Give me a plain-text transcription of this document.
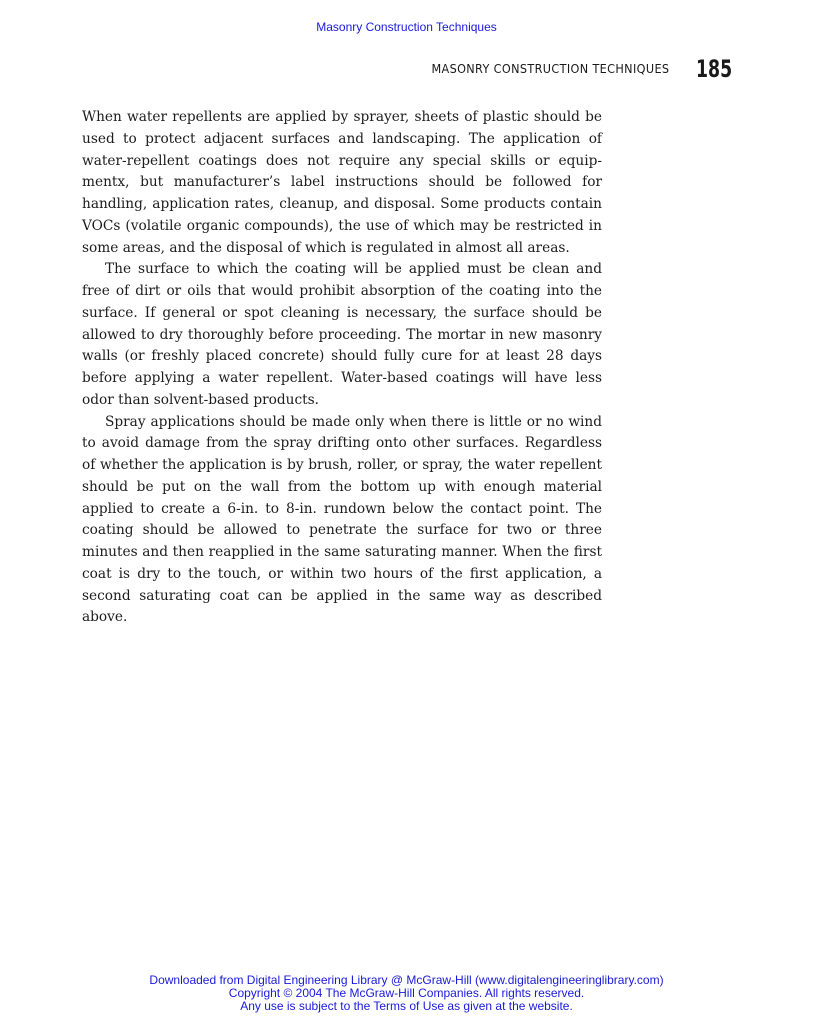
Masonry Construction Techniques
MASONRY CONSTRUCTION TECHNIQUES 185

When water repellents are applied by sprayer, sheets of plastic should be used to protect adjacent surfaces and landscaping. The application of water-repellent coatings does not require any special skills or equipmentx, but manufacturer’s label instructions should be followed for handling, application rates, cleanup, and disposal. Some products contain VOCs (volatile organic compounds), the use of which may be restricted in some areas, and the disposal of which is regulated in almost all areas.

The surface to which the coating will be applied must be clean and free of dirt or oils that would prohibit absorption of the coating into the surface. If general or spot cleaning is necessary, the surface should be allowed to dry thoroughly before proceeding. The mortar in new masonry walls (or freshly placed concrete) should fully cure for at least 28 days before applying a water repellent. Water-based coatings will have less odor than solvent-based products.

Spray applications should be made only when there is little or no wind to avoid damage from the spray drifting onto other surfaces. Regardless of whether the application is by brush, roller, or spray, the water repellent should be put on the wall from the bottom up with enough material applied to create a 6-in. to 8-in. rundown below the contact point. The coating should be allowed to penetrate the surface for two or three minutes and then reapplied in the same saturating manner. When the first coat is dry to the touch, or within two hours of the first application, a second saturating coat can be applied in the same way as described above.

Downloaded from Digital Engineering Library @ McGraw-Hill (www.digitalengineeringlibrary.com)
Copyright © 2004 The McGraw-Hill Companies. All rights reserved.
Any use is subject to the Terms of Use as given at the website.
